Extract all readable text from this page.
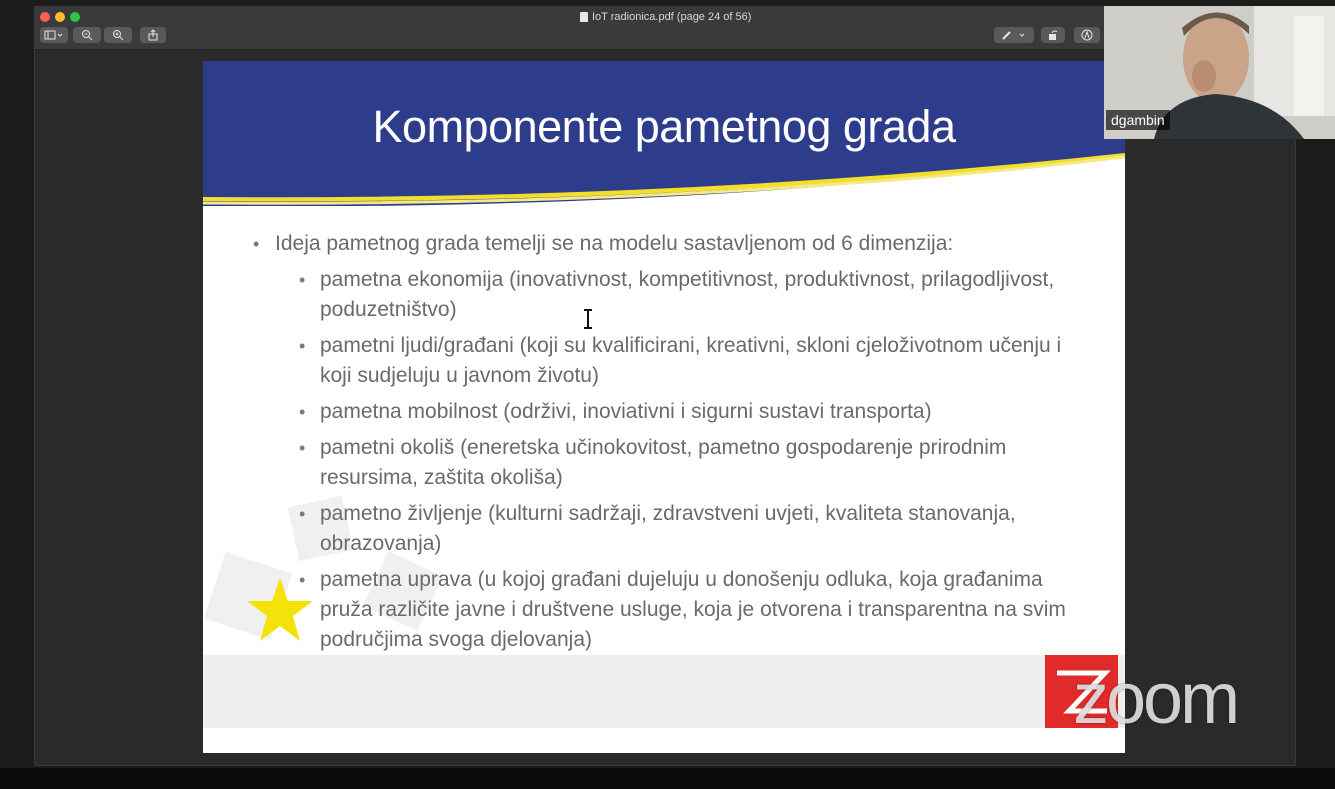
IoT radionica.pdf (page 24 of 56)
Komponente pametnog grada
• Ideja pametnog grada temelji se na modelu sastavljenom od 6 dimenzija:
• pametna ekonomija (inovativnost, kompetitivnost, produktivnost, prilagodljivost, poduzetništvo)
• pametni ljudi/građani (koji su kvalificirani, kreativni, skloni cjeloživotnom učenju i koji sudjeluju u javnom životu)
• pametna mobilnost (održivi, inoviativni i sigurni sustavi transporta)
• pametni okoliš (eneretska učinokovitost, pametno gospodarenje prirodnim resursima, zaštita okoliša)
• pametno življenje (kulturni sadržaji, zdravstveni uvjeti, kvaliteta stanovanja, obrazovanja)
• pametna uprava (u kojoj građani dujeluju u donošenju odluka, koja građanima pruža različite javne i društvene usluge, koja je otvorena i transparentna na svim područjima svoga djelovanja)
dgambin
zoom
